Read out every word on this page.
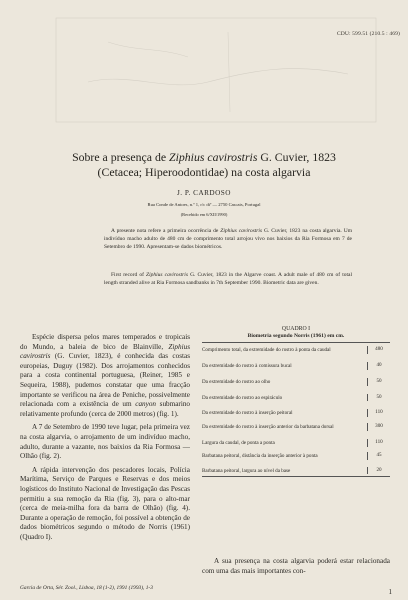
CDU: 599.51 (210.5 : 469)
Sobre a presença de Ziphius cavirostris G. Cuvier, 1823
(Cetacea; Hiperoodontidae) na costa algarvia
J. P. CARDOSO
Rua Conde de Antoes, n.º 1, r/c dtº — 2750 Cascais, Portugal
(Recebido em 6/XII/1990)

A presente nota refere a primeira ocorrência de Ziphius cavirostris G. Cuvier, 1823 na costa algarvia. Um indivíduo macho adulto de 480 cm de comprimento total arrojou vivo nos baixios da Ria Formosa em 7 de Setembro de 1990. Apresentam-se dados biométricos.

First record of Ziphius cavirostris G. Cuvier, 1823 in the Algarve coast. A adult male of 480 cm of total length stranded alive at Ria Formosa sandbanks in 7th September 1990. Biometric data are given.

Espécie dispersa pelos mares temperados e tropicais do Mundo, a baleia de bico de Blainville, Ziphius cavirostris (G. Cuvier, 1823), é conhecida das costas europeias, Duguy (1982). Dos arrojamentos conhecidos para a costa continental portuguesa, (Reiner, 1985 e Sequeira, 1988), pudemos constatar que uma fracção importante se verificou na área de Peniche, possivelmente relacionada com a existência de um canyon submarino relativamente profundo (cerca de 2000 metros) (fig. 1).

A 7 de Setembro de 1990 teve lugar, pela primeira vez na costa algarvia, o arrojamento de um indivíduo macho, adulto, durante a vazante, nos baixios da Ria Formosa — Olhão (fig. 2).

A rápida intervenção dos pescadores locais, Polícia Marítima, Serviço de Parques e Reservas e dos meios logísticos do Instituto Nacional de Investigação das Pescas permitiu a sua remoção da Ria (fig. 3), para o alto-mar (cerca de meia-milha fora da barra de Olhão) (fig. 4). Durante a operação de remoção, foi possível a obtenção de dados biométricos segundo o método de Norris (1961) (Quadro I).

QUADRO I
Biometria segundo Norris (1961) em cm.
Comprimento total, da extremidade do rostro à ponta da caudal	480
Da extremidade do rostro à comissura bucal	40
Da extremidade do rostro ao olho	50
Da extremidade do rostro ao espiráculo	50
Da extremidade do rostro à inserção peitoral	110
Da extremidade do rostro à inserção anterior da barbatana dorsal	300
Largura da caudal, de ponta a ponta	110
Barbatana peitoral, distância da inserção anterior à ponta	45
Barbatana peitoral, largura ao nível da base	20

A sua presença na costa algarvia poderá estar relacionada com uma das mais importantes con-

Garcia de Orta, Sér. Zool., Lisboa, 18 (1-2), 1991 (1993), 1-3	1
